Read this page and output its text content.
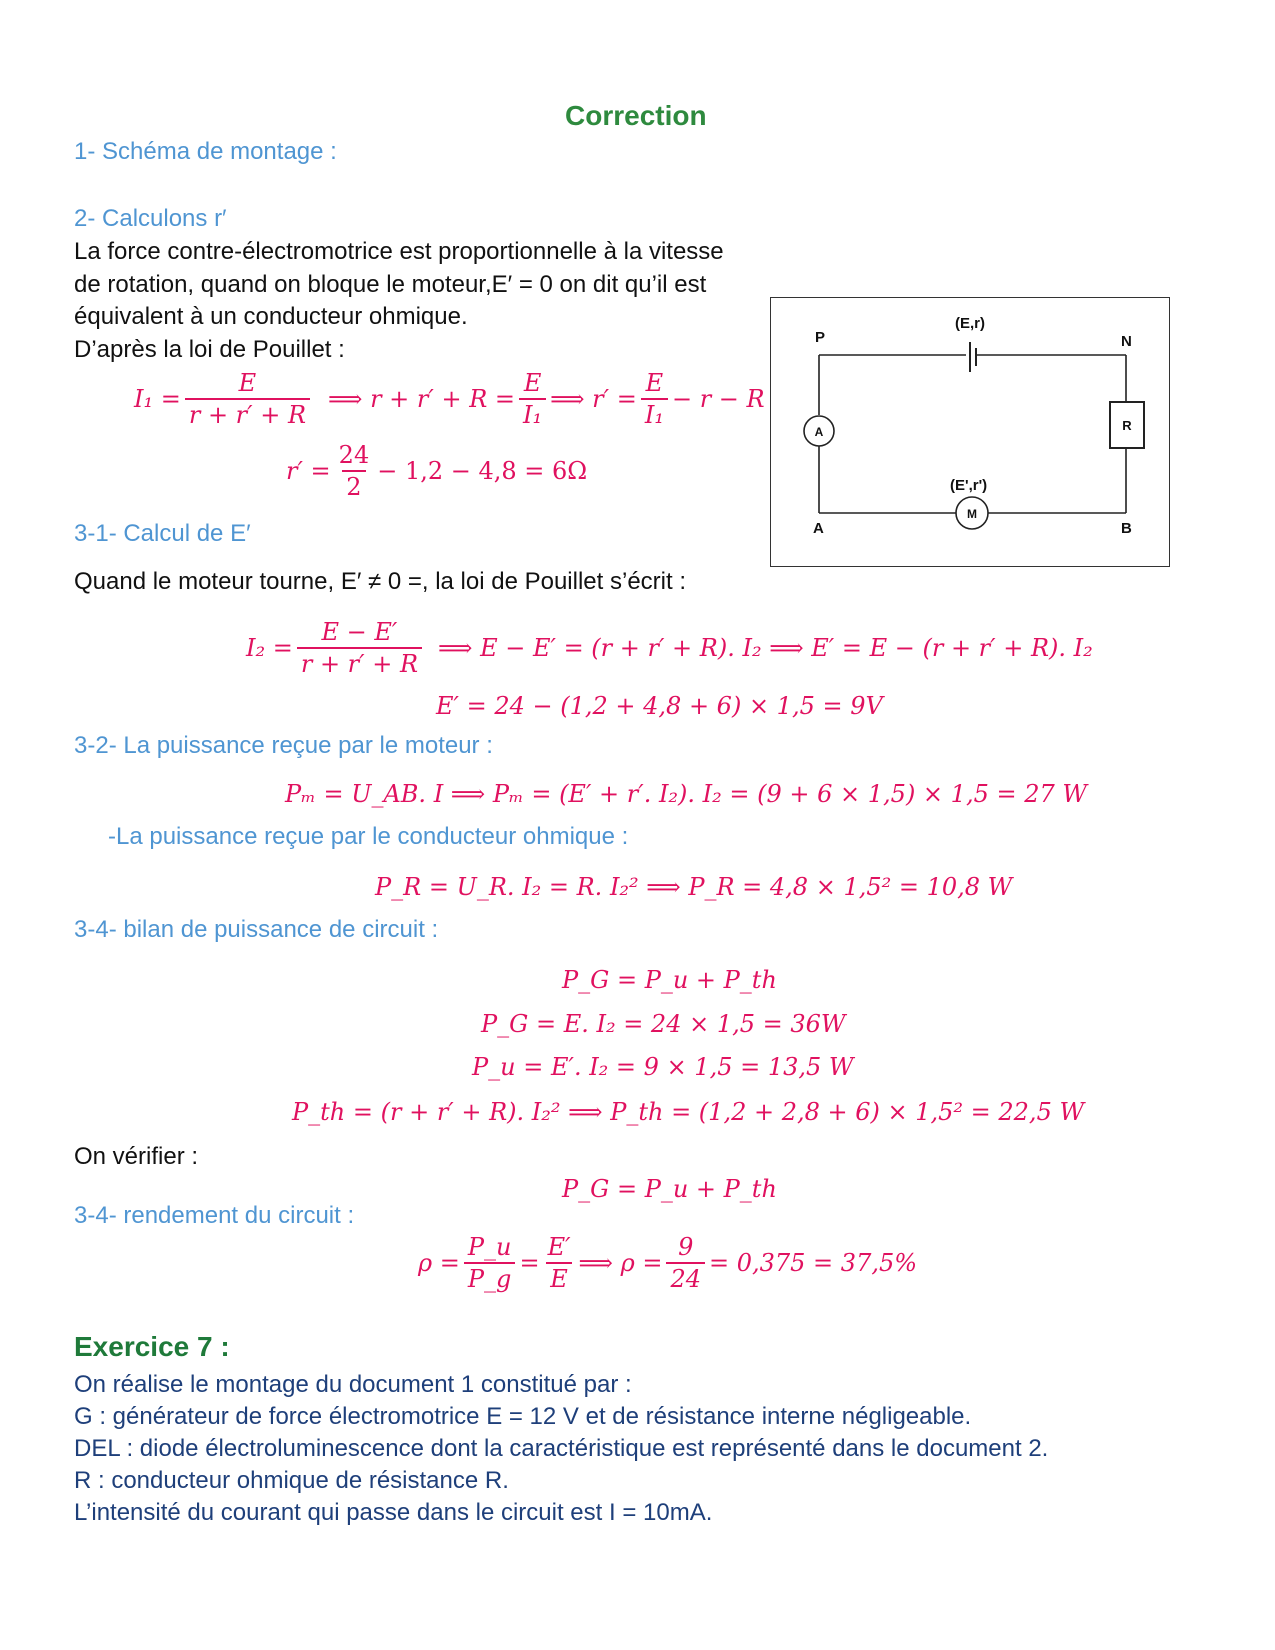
Correction
1- Schéma de montage :
2- Calculons r′
La force contre-électromotrice est proportionnelle à la vitesse
de rotation, quand on bloque le moteur,E′ = 0 on dit qu’il est
équivalent à un conducteur ohmique.
D’après la loi de Pouillet :
$I_1 = \frac{E}{r + r' + R}$ ⟹ $r + r' + R = \frac{E}{\text{I₁}}$ ⟹ $r' = \frac{E}{\text{I₁}} - r - R$
$r' = \frac{24}{2} - 1,2 - 4,8 = 6\Omega$
A
M
R
(E,r)
P	N
(E',r')
A	B
3-1- Calcul de E′
Quand le moteur tourne, E′ ≠ 0 =, la loi de Pouillet s’écrit :
$I_2 = \frac{E - E'}{r + r' + R}$ ⟹ E − E′ = (r + r′ + R). I₂ ⟹ E′ = E − (r + r′ + R). I₂
E′ = 24 − (1,2 + 4,8 + 6) × 1,5 = 9V
3-2- La puissance reçue par le moteur :
Pₘ = U_AB. I ⟹ Pₘ = (E′ + r′. I₂). I₂ = (9 + 6 × 1,5) × 1,5 = 27 W
-La puissance reçue par le conducteur ohmique :
P_R = U_R. I₂ = R. I₂² ⟹ P_R = 4,8 × 1,5² = 10,8 W
3-4- bilan de puissance de circuit :
P_G = P_u + P_th
P_G = E. I₂ = 24 × 1,5 = 36W
P_u = E′. I₂ = 9 × 1,5 = 13,5 W
P_th = (r + r′ + R). I₂² ⟹ P_th = (1,2 + 2,8 + 6) × 1,5² = 22,5 W
On vérifier :
P_G = P_u + P_th
3-4- rendement du circuit :
$\rho = \frac{P\_u}{P\_g} = \frac{E'}{E}$ ⟹ $\rho = \frac{9}{24} = 0,375 = 37,5\%$
Exercice 7 :
On réalise le montage du document 1 constitué par :
G : générateur de force électromotrice E = 12 V et de résistance interne négligeable.
DEL : diode électroluminescence dont la caractéristique est représenté dans le document 2.
R : conducteur ohmique de résistance R.
L’intensité du courant qui passe dans le circuit est I = 10mA.
